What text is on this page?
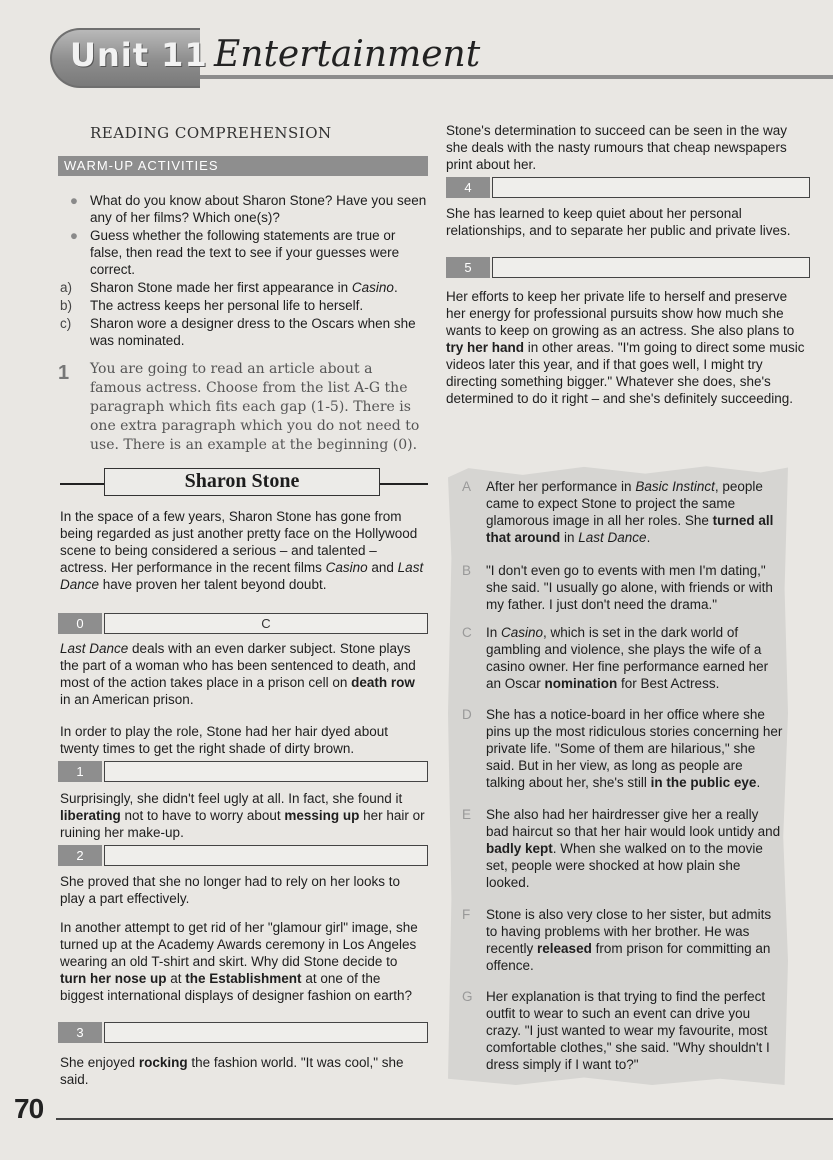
Unit 11 Entertainment
READING COMPREHENSION
WARM-UP ACTIVITIES
● What do you know about Sharon Stone? Have you seen any of her films? Which one(s)?
● Guess whether the following statements are true or false, then read the text to see if your guesses were correct.
a)	Sharon Stone made her first appearance in Casino.
b)	The actress keeps her personal life to herself.
c)	Sharon wore a designer dress to the Oscars when she was nominated.
1 You are going to read an article about a famous actress. Choose from the list A-G the paragraph which fits each gap (1-5). There is one extra paragraph which you do not need to use. There is an example at the beginning (0).
Sharon Stone
In the space of a few years, Sharon Stone has gone from being regarded as just another pretty face on the Hollywood scene to being considered a serious – and talented – actress. Her performance in the recent films Casino and Last Dance have proven her talent beyond doubt.
0	C
Last Dance deals with an even darker subject. Stone plays the part of a woman who has been sentenced to death, and most of the action takes place in a prison cell on death row in an American prison.
In order to play the role, Stone had her hair dyed about twenty times to get the right shade of dirty brown.
1
Surprisingly, she didn't feel ugly at all. In fact, she found it liberating not to have to worry about messing up her hair or ruining her make-up.
2
She proved that she no longer had to rely on her looks to play a part effectively.
In another attempt to get rid of her "glamour girl" image, she turned up at the Academy Awards ceremony in Los Angeles wearing an old T-shirt and skirt. Why did Stone decide to turn her nose up at the Establishment at one of the biggest international displays of designer fashion on earth?
3
She enjoyed rocking the fashion world. "It was cool," she said.
Stone's determination to succeed can be seen in the way she deals with the nasty rumours that cheap newspapers print about her.
4
She has learned to keep quiet about her personal relationships, and to separate her public and private lives.
5
Her efforts to keep her private life to herself and preserve her energy for professional pursuits show how much she wants to keep on growing as an actress. She also plans to try her hand in other areas. "I'm going to direct some music videos later this year, and if that goes well, I might try directing something bigger." Whatever she does, she's determined to do it right – and she's definitely succeeding.
A	After her performance in Basic Instinct, people came to expect Stone to project the same glamorous image in all her roles. She turned all that around in Last Dance.
B	"I don't even go to events with men I'm dating," she said. "I usually go alone, with friends or with my father. I just don't need the drama."
C	In Casino, which is set in the dark world of gambling and violence, she plays the wife of a casino owner. Her fine performance earned her an Oscar nomination for Best Actress.
D	She has a notice-board in her office where she pins up the most ridiculous stories concerning her private life. "Some of them are hilarious," she said. But in her view, as long as people are talking about her, she's still in the public eye.
E	She also had her hairdresser give her a really bad haircut so that her hair would look untidy and badly kept. When she walked on to the movie set, people were shocked at how plain she looked.
F	Stone is also very close to her sister, but admits to having problems with her brother. He was recently released from prison for committing an offence.
G Her explanation is that trying to find the perfect outfit to wear to such an event can drive you crazy. "I just wanted to wear my favourite, most comfortable clothes," she said. "Why shouldn't I dress simply if I want to?"
70
